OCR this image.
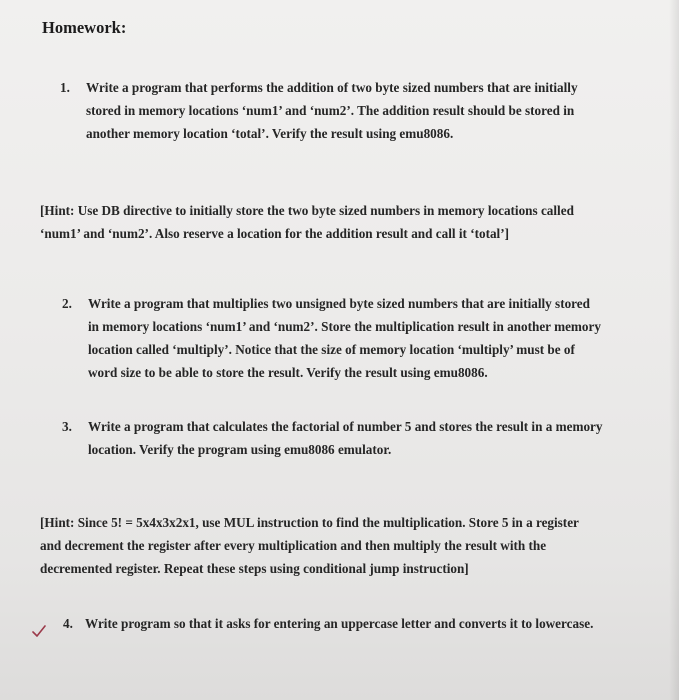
Homework:
1. Write a program that performs the addition of two byte sized numbers that are initially
stored in memory locations ‘num1’ and ‘num2’. The addition result should be stored in
another memory location ‘total’. Verify the result using emu8086.
[Hint: Use DB directive to initially store the two byte sized numbers in memory locations called
‘num1’ and ‘num2’. Also reserve a location for the addition result and call it ‘total’]
2. Write a program that multiplies two unsigned byte sized numbers that are initially stored
in memory locations ‘num1’ and ‘num2’. Store the multiplication result in another memory
location called ‘multiply’. Notice that the size of memory location ‘multiply’ must be of
word size to be able to store the result. Verify the result using emu8086.
3. Write a program that calculates the factorial of number 5 and stores the result in a memory
location. Verify the program using emu8086 emulator.
[Hint: Since 5! = 5x4x3x2x1, use MUL instruction to find the multiplication. Store 5 in a register
and decrement the register after every multiplication and then multiply the result with the
decremented register. Repeat these steps using conditional jump instruction]
4. Write program so that it asks for entering an uppercase letter and converts it to lowercase.
